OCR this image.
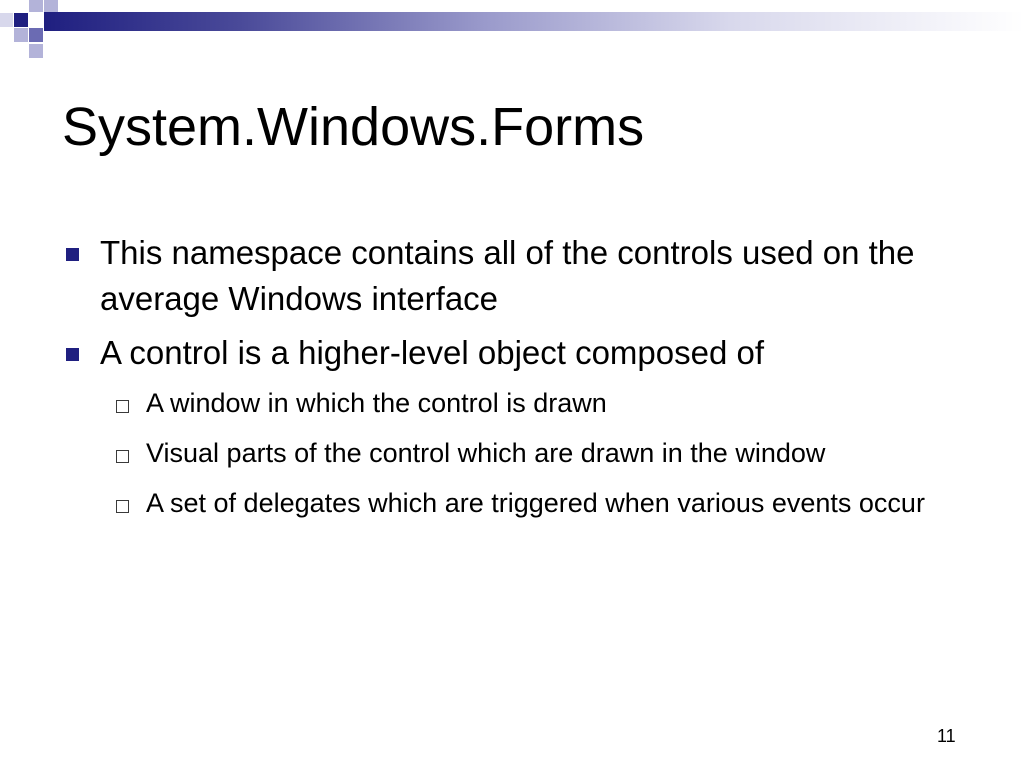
System.Windows.Forms
This namespace contains all of the controls used on the average Windows interface
A control is a higher-level object composed of
A window in which the control is drawn
Visual parts of the control which are drawn in the window
A set of delegates which are triggered when various events occur
11
